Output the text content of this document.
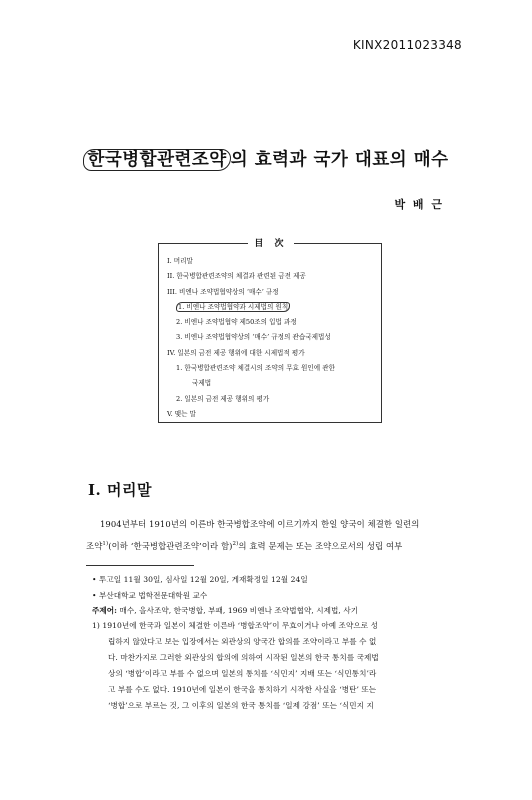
KINX2011023348
한국병합관련조약 의 효력과 국가 대표의 매수
박 배 근
目 次
I. 머리말
II. 한국병합관련조약의 체결과 관련된 금전 제공
III. 비엔나 조약법협약상의 ‘매수’ 규정
1. 비엔나 조약법협약과 시제법의 원칙
2. 비엔나 조약법협약 제50조의 입법 과정
3. 비엔나 조약법협약상의 ‘매수’ 규정의 관습국제법성
IV. 일본의 금전 제공 행위에 대한 시제법적 평가
1. 한국병합관련조약 체결시의 조약의 무효 원인에 관한
국제법
2. 일본의 금전 제공 행위의 평가
V. 맺는 말
I. 머리말
1904년부터 1910년의 이른바 한국병합조약에 이르기까지 한일 양국이 체결한 일련의
조약$^{1)}$(이하 ‘한국병합관련조약’이라 함)$^{2)}$의 효력 문제는 또는 조약으로서의 성립 여부
• 투고일 11월 30일, 심사일 12월 20일, 게재확정일 12월 24일
• 부산대학교 법학전문대학원 교수
주제어: 매수, 을사조약, 한국병합, 부패, 1969 비엔나 조약법협약, 시제법, 사기
1) 1910년에 한국과 일본이 체결한 이른바 ‘병합조약’이 무효이거나 아예 조약으로 성
립하지 않았다고 보는 입장에서는 외관상의 양국간 합의를 조약이라고 부를 수 없
다. 마찬가지로 그러한 외관상의 합의에 의하여 시작된 일본의 한국 통치를 국제법
상의 ‘병합’이라고 부를 수 없으며 일본의 통치를 ‘식민지’ 지배 또는 ‘식민통치’라
고 부를 수도 없다. 1910년에 일본이 한국을 통치하기 시작한 사실을 ‘병탄’ 또는
‘병합’으로 부르는 것, 그 이후의 일본의 한국 통치를 ‘일제 강점’ 또는 ‘식민지 지
